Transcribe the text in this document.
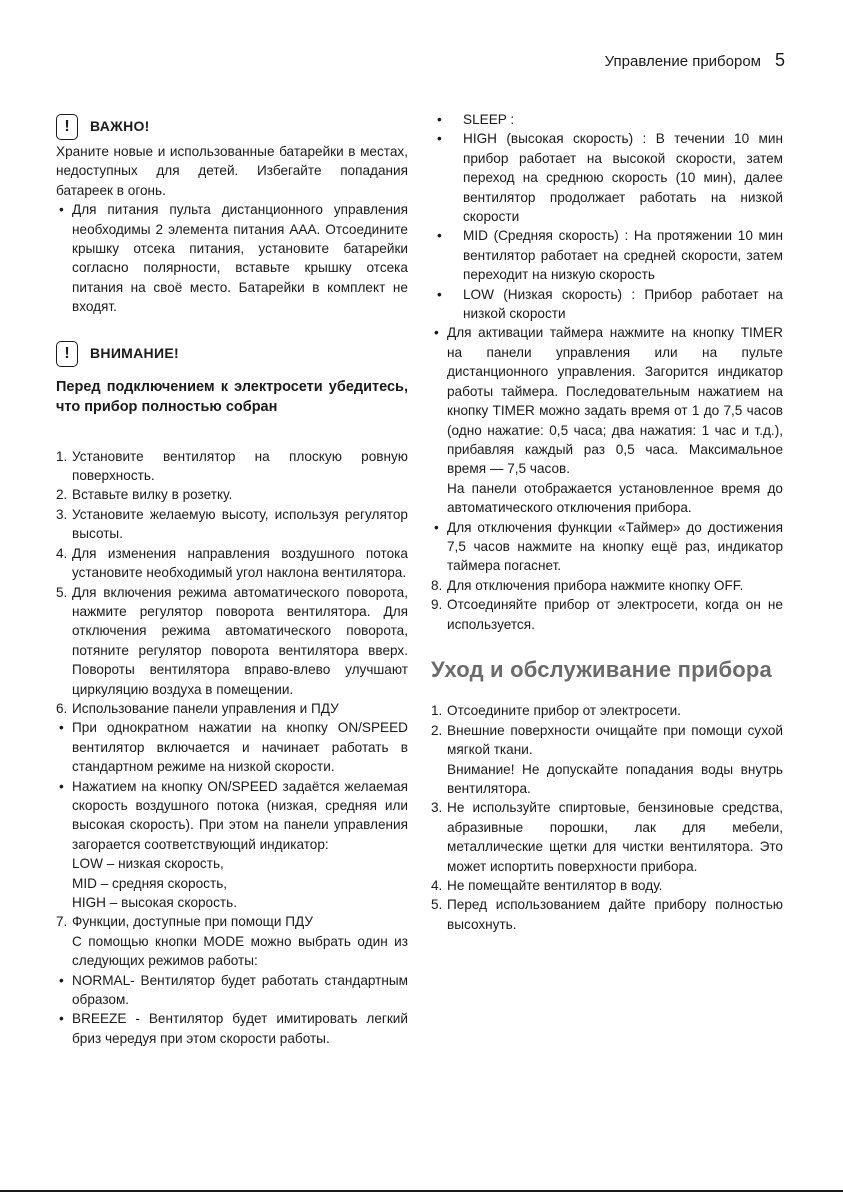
Управление прибором 5
!	ВАЖНО!

Храните новые и использованные батарейки в местах, недоступных для детей. Избегайте попадания батареек в огонь.

• Для питания пульта дистанционного управления необходимы 2 элемента питания ААА. Отсоедините крышку отсека питания, установите батарейки согласно полярности, вставьте крышку отсека питания на своё место. Батарейки в комплект не входят.

!	ВНИМАНИЕ!

Перед подключением к электросети убедитесь, что прибор полностью собран

1. Установите вентилятор на плоскую ровную поверхность.

2. Вставьте вилку в розетку.

3. Установите желаемую высоту, используя регулятор высоты.

4. Для изменения направления воздушного потока установите необходимый угол наклона вентилятора.

5. Для включения режима автоматического поворота, нажмите регулятор поворота вентилятора. Для отключения режима автоматического поворота, потяните регулятор поворота вентилятора вверх. Повороты вентилятора вправо-влево улучшают циркуляцию воздуха в помещении.

6. Использование панели управления и ПДУ

• При однократном нажатии на кнопку ON/SPEED вентилятор включается и начинает работать в стандартном режиме на низкой скорости.

• Нажатием на кнопку ON/SPEED задаётся желаемая скорость воздушного потока (низкая, средняя или высокая скорость). При этом на панели управления загорается соответствующий индикатор:

LOW – низкая скорость,

MID – средняя скорость,

HIGH – высокая скорость.

7. Функции, доступные при помощи ПДУ

С помощью кнопки MODE можно выбрать один из следующих режимов работы:

• NORMAL- Вентилятор будет работать стандартным образом.

• BREEZE - Вентилятор будет имитировать легкий бриз чередуя при этом скорости работы.

• SLEEP :

• HIGH (высокая скорость) : В течении 10 мин прибор работает на высокой скорости, затем переход на среднюю скорость (10 мин), далее вентилятор продолжает работать на низкой скорости

• MID (Средняя скорость) : На протяжении 10 мин вентилятор работает на средней скорости, затем переходит на низкую скорость

• LOW (Низкая скорость) : Прибор работает на низкой скорости

• Для активации таймера нажмите на кнопку TIMER на панели управления или на пульте дистанционного управления. Загорится индикатор работы таймера. Последовательным нажатием на кнопку TIMER можно задать время от 1 до 7,5 часов (одно нажатие: 0,5 часа; два нажатия: 1 час и т.д.), прибавляя каждый раз 0,5 часа. Максимальное время — 7,5 часов.

На панели отображается установленное время до автоматического отключения прибора.

• Для отключения функции «Таймер» до достижения 7,5 часов нажмите на кнопку ещё раз, индикатор таймера погаснет.

8. Для отключения прибора нажмите кнопку OFF.

9. Отсоединяйте прибор от электросети, когда он не используется.

Уход и обслуживание прибора

1. Отсоедините прибор от электросети.

2. Внешние поверхности очищайте при помощи сухой мягкой ткани.

Внимание! Не допускайте попадания воды внутрь вентилятора.

3. Не используйте спиртовые, бензиновые средства, абразивные порошки, лак для мебели, металлические щетки для чистки вентилятора. Это может испортить поверхности прибора.

4. Не помещайте вентилятор в воду.

5. Перед использованием дайте прибору полностью высохнуть.
